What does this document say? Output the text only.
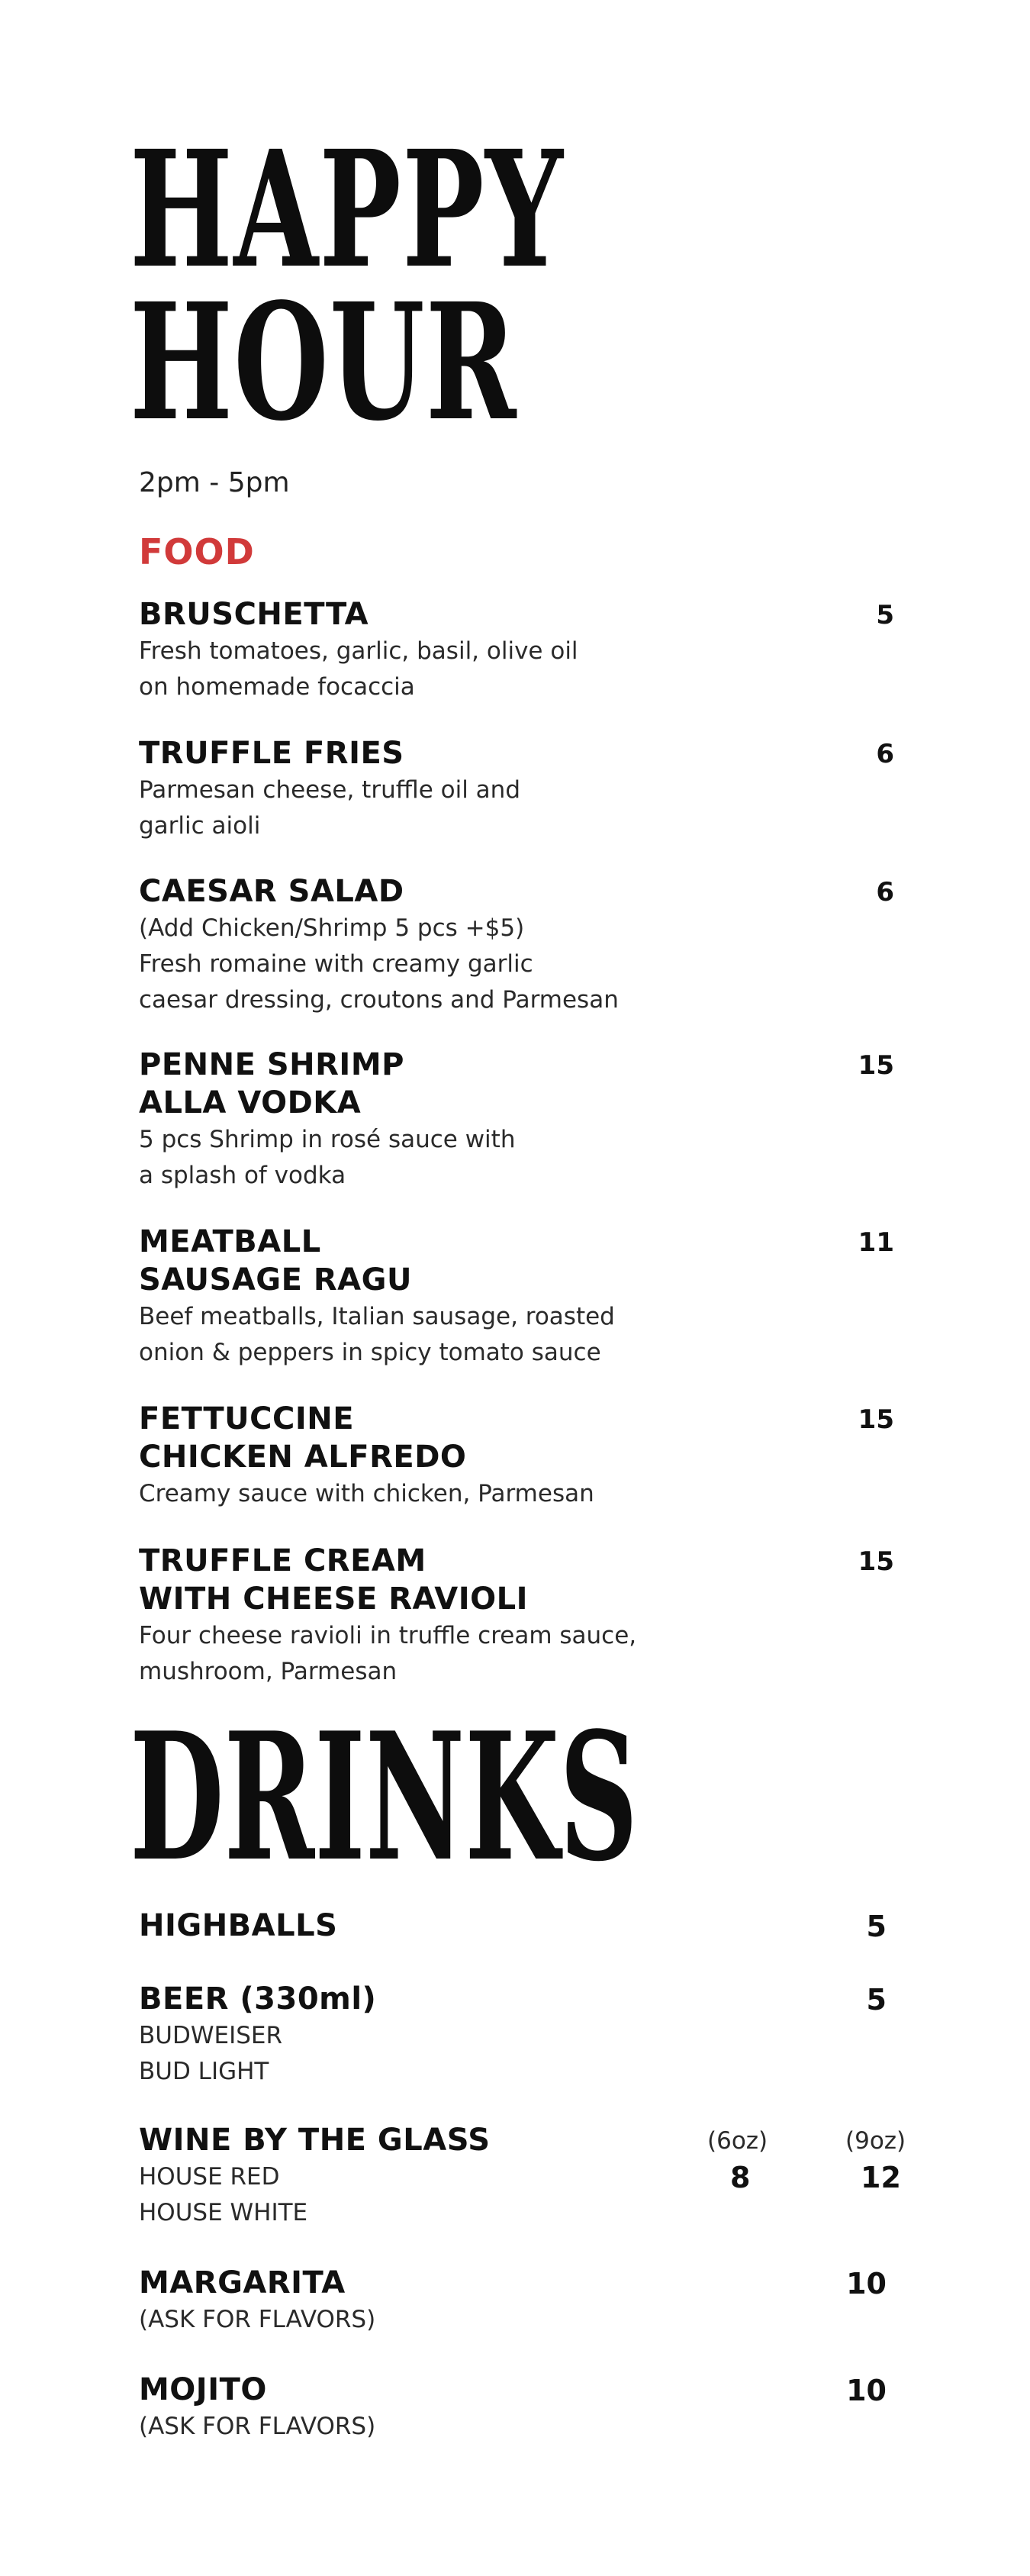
HAPPY
HOUR
2pm - 5pm
FOOD
BRUSCHETTA
Fresh tomatoes, garlic, basil, olive oil
on homemade focaccia
5
TRUFFLE FRIES
Parmesan cheese, truffle oil and
garlic aioli
6
CAESAR SALAD
(Add Chicken/Shrimp 5 pcs +$5)
Fresh romaine with creamy garlic
caesar dressing, croutons and Parmesan
6
PENNE SHRIMP
ALLA VODKA
5 pcs Shrimp in rosé sauce with
a splash of vodka
15
MEATBALL
SAUSAGE RAGU
Beef meatballs, Italian sausage, roasted
onion & peppers in spicy tomato sauce
11
FETTUCCINE
CHICKEN ALFREDO
Creamy sauce with chicken, Parmesan
15
TRUFFLE CREAM
WITH CHEESE RAVIOLI
Four cheese ravioli in truffle cream sauce,
mushroom, Parmesan
15
DRINKS
HIGHBALLS	5
BEER (330ml)
BUDWEISER
BUD LIGHT
5
WINE BY THE GLASS
HOUSE RED
HOUSE WHITE
(6oz)
8
(9oz)
12
MARGARITA
(ASK FOR FLAVORS)
10
MOJITO
(ASK FOR FLAVORS)
10
